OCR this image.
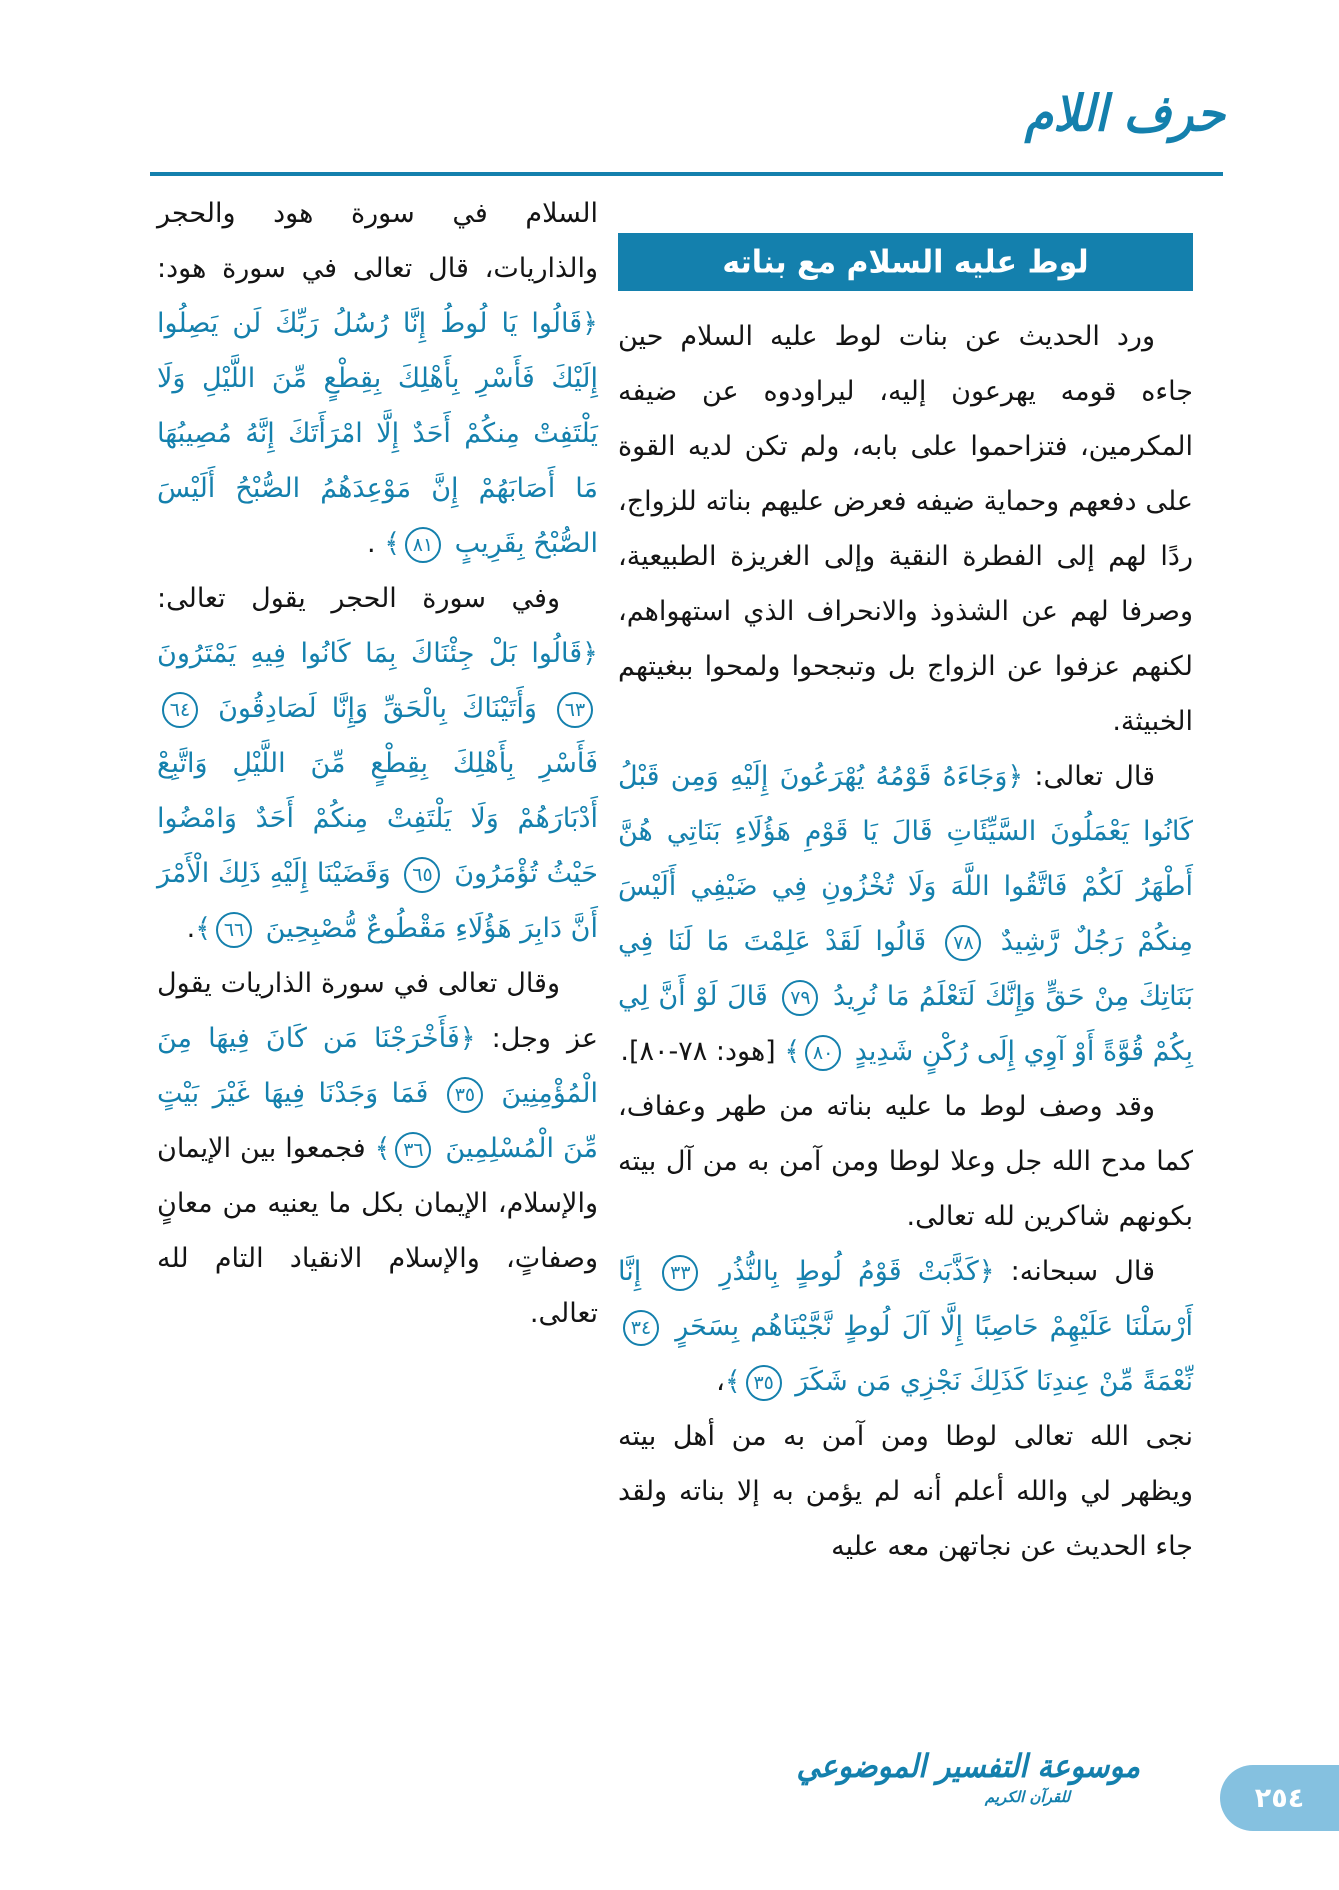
حرف اللام
لوط عليه السلام مع بناته

ورد الحديث عن بنات لوط عليه السلام حين جاءه قومه يهرعون إليه، ليراودوه عن ضيفه المكرمين، فتزاحموا على بابه، ولم تكن لديه القوة على دفعهم وحماية ضيفه فعرض عليهم بناته للزواج، ردًا لهم إلى الفطرة النقية وإلى الغريزة الطبيعية، وصرفا لهم عن الشذوذ والانحراف الذي استهواهم، لكنهم عزفوا عن الزواج بل وتبجحوا ولمحوا ببغيتهم الخبيثة.

قال تعالى: ﴿وَجَاءَهُ قَوْمُهُ يُهْرَعُونَ إِلَيْهِ وَمِن قَبْلُ كَانُوا يَعْمَلُونَ السَّيِّئَاتِ قَالَ يَا قَوْمِ هَؤُلَاءِ بَنَاتِي هُنَّ أَطْهَرُ لَكُمْ فَاتَّقُوا اللَّهَ وَلَا تُخْزُونِ فِي ضَيْفِي أَلَيْسَ مِنكُمْ رَجُلٌ رَّشِيدٌ ٧٨ قَالُوا لَقَدْ عَلِمْتَ مَا لَنَا فِي بَنَاتِكَ مِنْ حَقٍّ وَإِنَّكَ لَتَعْلَمُ مَا نُرِيدُ ٧٩ قَالَ لَوْ أَنَّ لِي بِكُمْ قُوَّةً أَوْ آوِي إِلَى رُكْنٍ شَدِيدٍ ٨٠﴾ [هود: ٧٨-٨٠].

وقد وصف لوط ما عليه بناته من طهر وعفاف، كما مدح الله جل وعلا لوطا ومن آمن به من آل بيته بكونهم شاكرين لله تعالى.

قال سبحانه: ﴿كَذَّبَتْ قَوْمُ لُوطٍ بِالنُّذُرِ ٣٣ إِنَّا أَرْسَلْنَا عَلَيْهِمْ حَاصِبًا إِلَّا آلَ لُوطٍ نَّجَّيْنَاهُم بِسَحَرٍ ٣٤ نِّعْمَةً مِّنْ عِندِنَا كَذَلِكَ نَجْزِي مَن شَكَرَ ٣٥﴾،

نجى الله تعالى لوطا ومن آمن به من أهل بيته ويظهر لي والله أعلم أنه لم يؤمن به إلا بناته ولقد جاء الحديث عن نجاتهن معه عليه

السلام في سورة هود والحجر والذاريات، قال تعالى في سورة هود: ﴿قَالُوا يَا لُوطُ إِنَّا رُسُلُ رَبِّكَ لَن يَصِلُوا إِلَيْكَ فَأَسْرِ بِأَهْلِكَ بِقِطْعٍ مِّنَ اللَّيْلِ وَلَا يَلْتَفِتْ مِنكُمْ أَحَدٌ إِلَّا امْرَأَتَكَ إِنَّهُ مُصِيبُهَا مَا أَصَابَهُمْ إِنَّ مَوْعِدَهُمُ الصُّبْحُ أَلَيْسَ الصُّبْحُ بِقَرِيبٍ ٨١﴾ .

وفي سورة الحجر يقول تعالى: ﴿قَالُوا بَلْ جِئْنَاكَ بِمَا كَانُوا فِيهِ يَمْتَرُونَ ٦٣ وَأَتَيْنَاكَ بِالْحَقِّ وَإِنَّا لَصَادِقُونَ ٦٤ فَأَسْرِ بِأَهْلِكَ بِقِطْعٍ مِّنَ اللَّيْلِ وَاتَّبِعْ أَدْبَارَهُمْ وَلَا يَلْتَفِتْ مِنكُمْ أَحَدٌ وَامْضُوا حَيْثُ تُؤْمَرُونَ ٦٥ وَقَضَيْنَا إِلَيْهِ ذَلِكَ الْأَمْرَ أَنَّ دَابِرَ هَؤُلَاءِ مَقْطُوعٌ مُّصْبِحِينَ ٦٦﴾.

وقال تعالى في سورة الذاريات يقول عز وجل: ﴿فَأَخْرَجْنَا مَن كَانَ فِيهَا مِنَ الْمُؤْمِنِينَ ٣٥ فَمَا وَجَدْنَا فِيهَا غَيْرَ بَيْتٍ مِّنَ الْمُسْلِمِينَ ٣٦﴾ فجمعوا بين الإيمان والإسلام، الإيمان بكل ما يعنيه من معانٍ وصفاتٍ، والإسلام الانقياد التام لله تعالى.

موسوعة التفسير الموضوعي
للقرآن الكريم	٢٥٤
